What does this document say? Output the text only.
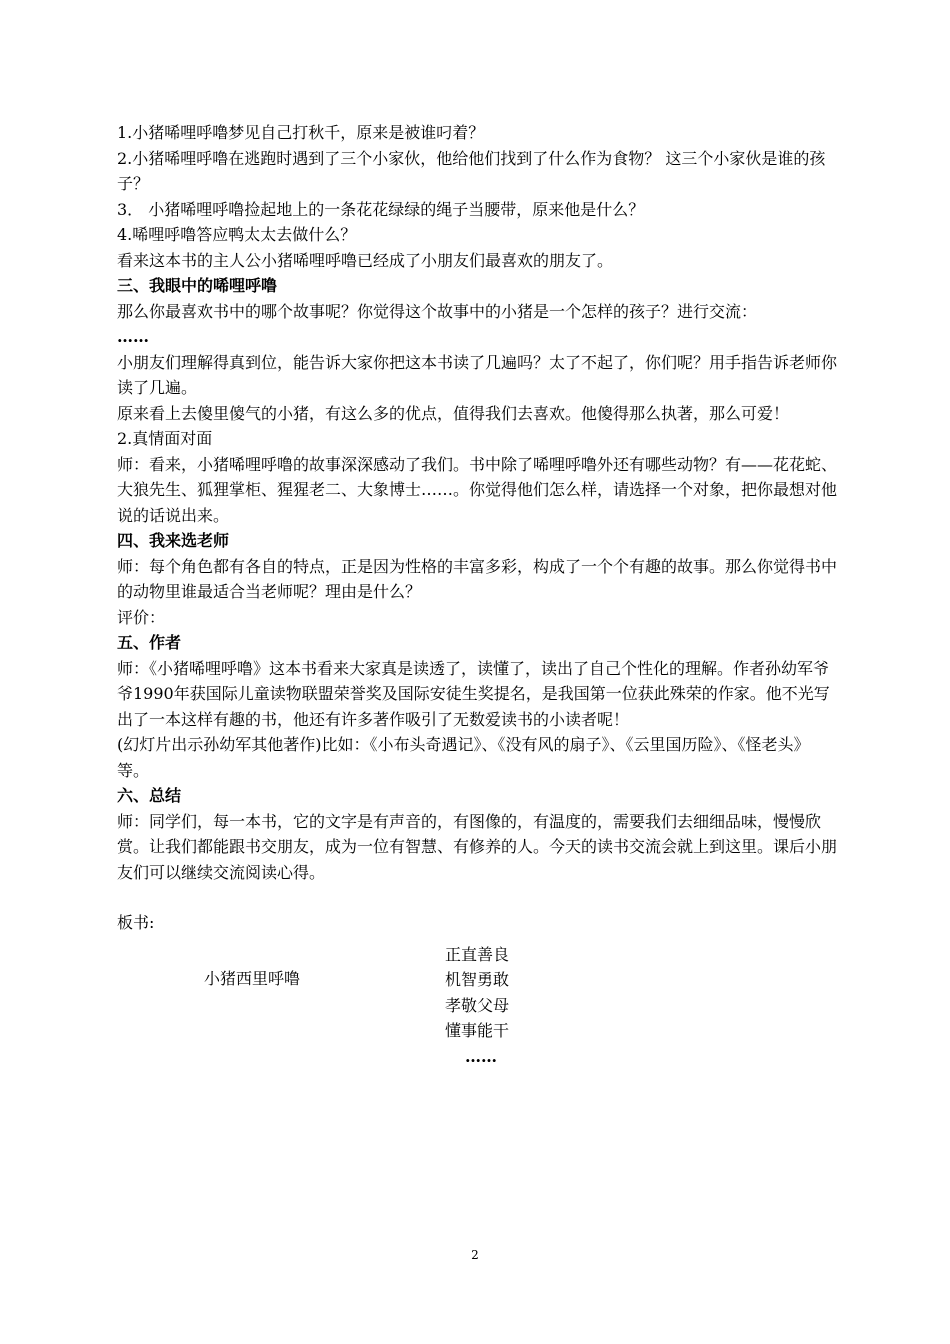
1.小猪唏哩呼噜梦见自己打秋千，原来是被谁叼着？

2.小猪唏哩呼噜在逃跑时遇到了三个小家伙，他给他们找到了什么作为食物？ 这三个小家伙是谁的孩子？

3． 小猪唏哩呼噜捡起地上的一条花花绿绿的绳子当腰带，原来他是什么？

4.唏哩呼噜答应鸭太太去做什么？

看来这本书的主人公小猪唏哩呼噜已经成了小朋友们最喜欢的朋友了。

三、我眼中的唏哩呼噜

那么你最喜欢书中的哪个故事呢？你觉得这个故事中的小猪是一个怎样的孩子？进行交流：

……

小朋友们理解得真到位，能告诉大家你把这本书读了几遍吗？太了不起了，你们呢？用手指告诉老师你读了几遍。

原来看上去傻里傻气的小猪，有这么多的优点，值得我们去喜欢。他傻得那么执著，那么可爱！

2.真情面对面

师：看来，小猪唏哩呼噜的故事深深感动了我们。书中除了唏哩呼噜外还有哪些动物？有——花花蛇、大狼先生、狐狸掌柜、猩猩老二、大象博士……。你觉得他们怎么样，请选择一个对象，把你最想对他说的话说出来。

四、我来选老师

师：每个角色都有各自的特点，正是因为性格的丰富多彩，构成了一个个有趣的故事。那么你觉得书中的动物里谁最适合当老师呢？理由是什么？

评价：

五、作者

师：《小猪唏哩呼噜》这本书看来大家真是读透了，读懂了，读出了自己个性化的理解。作者孙幼军爷爷1990年获国际儿童读物联盟荣誉奖及国际安徒生奖提名，是我国第一位获此殊荣的作家。他不光写出了一本这样有趣的书，他还有许多著作吸引了无数爱读书的小读者呢！

(幻灯片出示孙幼军其他著作)比如：《小布头奇遇记》、《没有风的扇子》、《云里国历险》、《怪老头》等。

六、总结

师：同学们，每一本书，它的文字是有声音的，有图像的，有温度的，需要我们去细细品味，慢慢欣赏。让我们都能跟书交朋友，成为一位有智慧、有修养的人。今天的读书交流会就上到这里。课后小朋友们可以继续交流阅读心得。

板书:

小猪西里呼噜

正直善良

机智勇敢

孝敬父母

懂事能干

……

2
